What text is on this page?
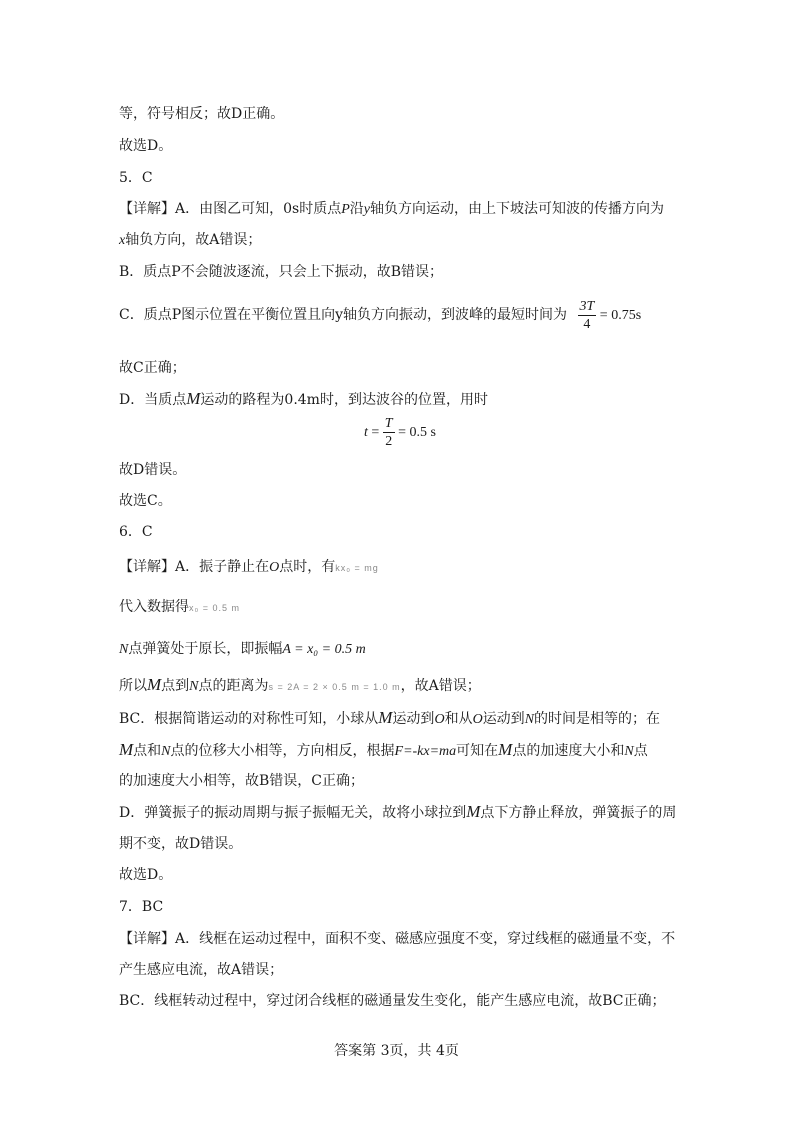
等，符号相反；故D正确。
故选D。
5．C
【详解】A．由图乙可知，0s时质点P沿y轴负方向运动，由上下坡法可知波的传播方向为
x轴负方向，故A错误；
B．质点P不会随波逐流，只会上下振动，故B错误；
C．质点P图示位置在平衡位置且向y轴负方向振动，到波峰的最短时间为 $\frac{3T}{4} = 0.75s$
故C正确；
D．当质点M运动的路程为0.4m时，到达波谷的位置，用时
$t = \frac{T}{2} = 0.5$ s
故D错误。
故选C。
6．C
【详解】A．振子静止在O点时，有kx₀ = mg
代入数据得x₀ = 0.5 m
N点弹簧处于原长，即振幅A = x₀ = 0.5 m
所以M点到N点的距离为s = 2A = 2 × 0.5 m = 1.0 m，故A错误；
BC．根据简谐运动的对称性可知，小球从M运动到O和从O运动到N的时间是相等的；在
M点和N点的位移大小相等，方向相反，根据F=-kx=ma可知在M点的加速度大小和N点
的加速度大小相等，故B错误，C正确；
D．弹簧振子的振动周期与振子振幅无关，故将小球拉到M点下方静止释放，弹簧振子的周
期不变，故D错误。
故选D。
7．BC
【详解】A．线框在运动过程中，面积不变、磁感应强度不变，穿过线框的磁通量不变，不
产生感应电流，故A错误；
BC．线框转动过程中，穿过闭合线框的磁通量发生变化，能产生感应电流，故BC正确；
答案第 3页，共 4页
